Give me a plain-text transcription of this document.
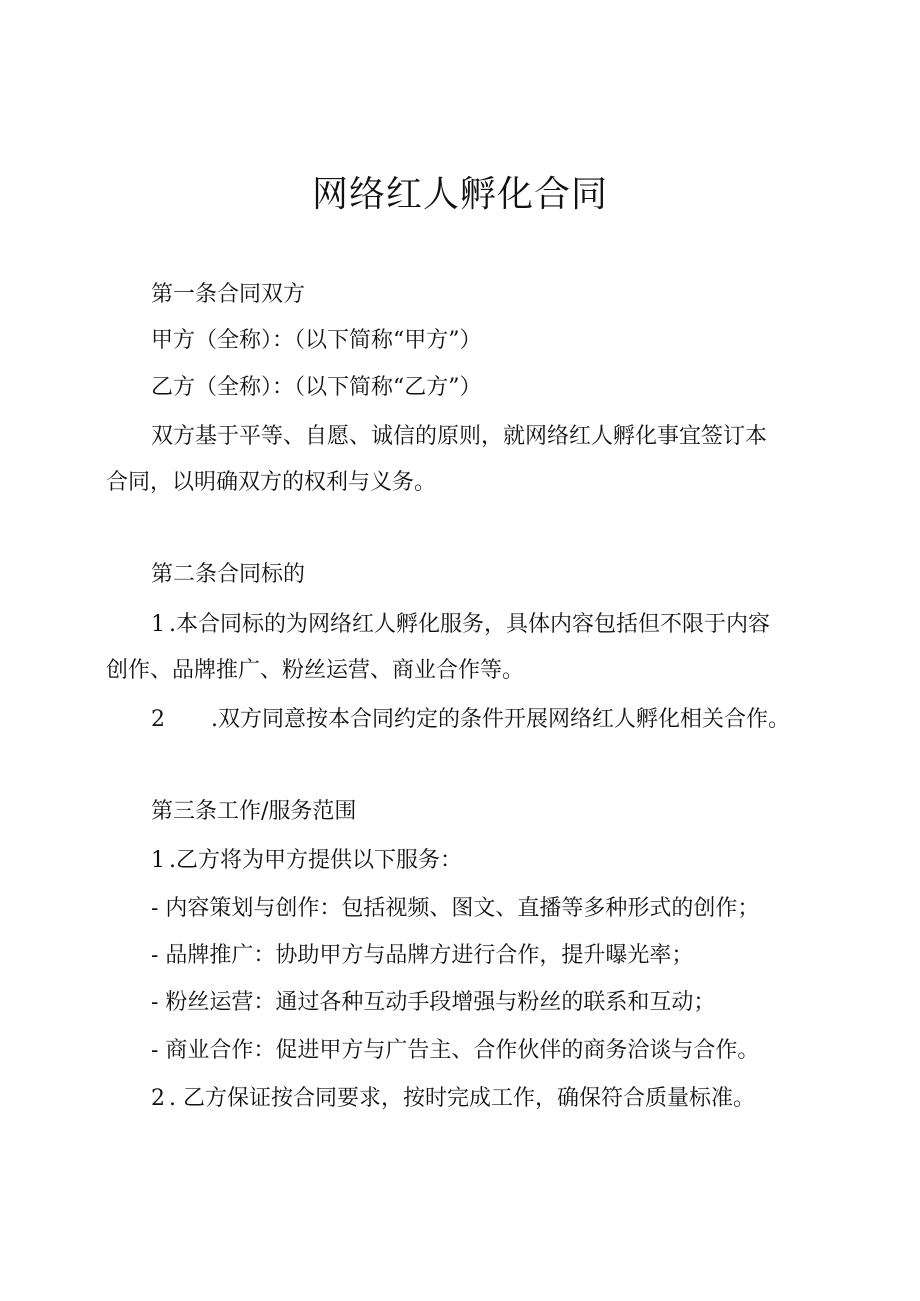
网络红人孵化合同

第一条合同双方

甲方（全称）：（以下简称“甲方”）

乙方（全称）：（以下简称“乙方”）

双方基于平等、自愿、诚信的原则，就网络红人孵化事宜签订本

合同，以明确双方的权利与义务。

第二条合同标的

1 .本合同标的为网络红人孵化服务，具体内容包括但不限于内容

创作、品牌推广、粉丝运营、商业合作等。

2 .双方同意按本合同约定的条件开展网络红人孵化相关合作。

第三条工作/服务范围

1 .乙方将为甲方提供以下服务：

- 内容策划与创作：包括视频、图文、直播等多种形式的创作；

- 品牌推广：协助甲方与品牌方进行合作，提升曝光率；

- 粉丝运营：通过各种互动手段增强与粉丝的联系和互动；

- 商业合作：促进甲方与广告主、合作伙伴的商务洽谈与合作。

2 . 乙方保证按合同要求，按时完成工作，确保符合质量标准。
